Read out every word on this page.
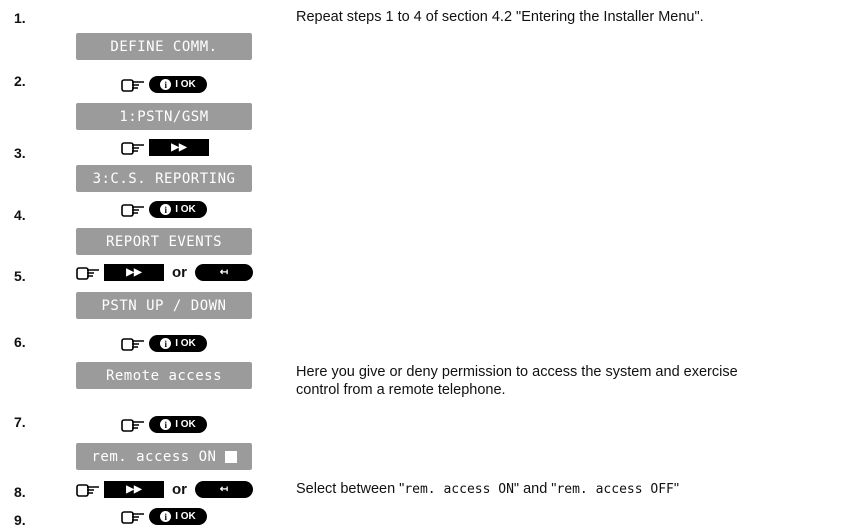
1.
2.
3.
4.
5.
6.
7.
8.
9.
DEFINE COMM.
1:PSTN/GSM
3:C.S. REPORTING
REPORT EVENTS
PSTN UP / DOWN
Remote access
rem. access ON
i I OK
▶▶
i I OK
▶▶ or	↤
i I OK
i I OK
▶▶ or	↤
i I OK
Repeat steps 1 to 4 of section 4.2 "Entering the Installer Menu".
Here you give or deny permission to access the system and exercise
control from a remote telephone.
Select between "rem. access ON" and "rem. access OFF"
